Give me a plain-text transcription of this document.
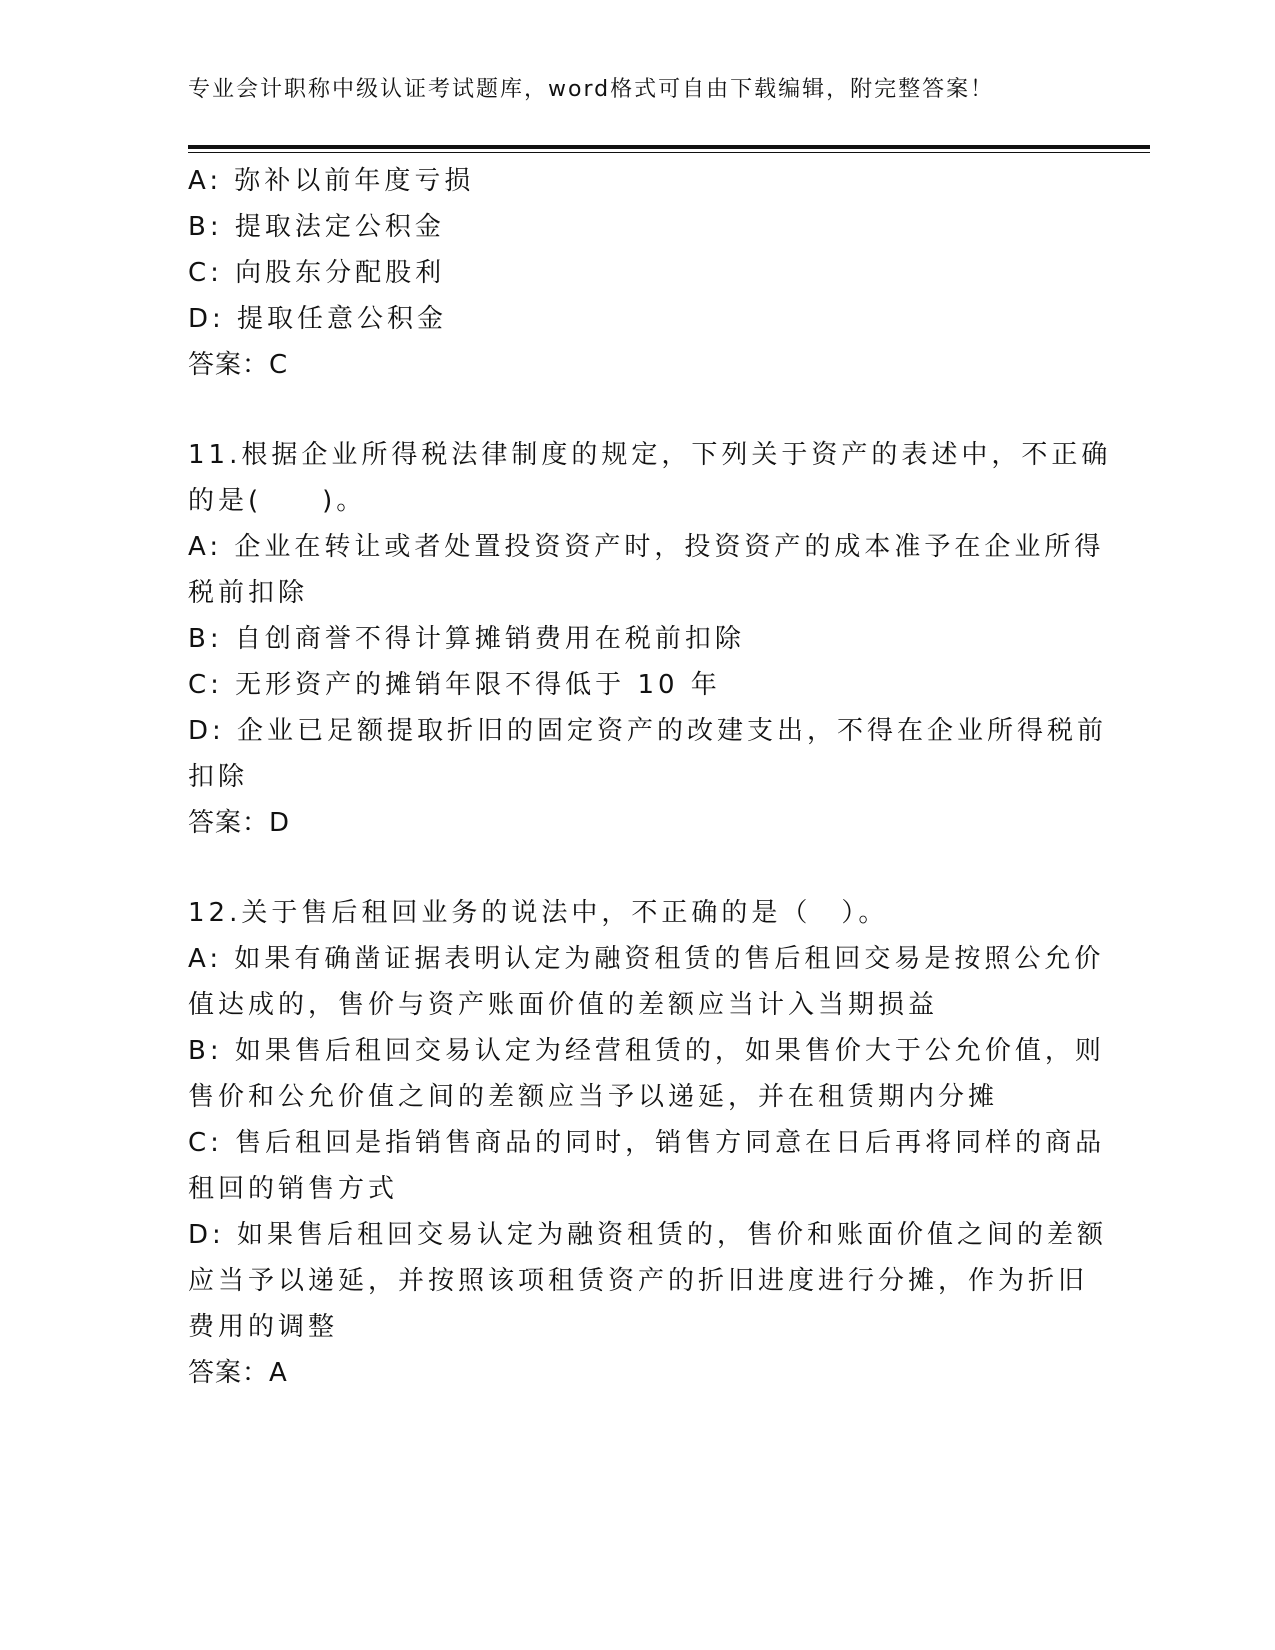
专业会计职称中级认证考试题库，word格式可自由下载编辑，附完整答案！
A: 弥补以前年度亏损
B: 提取法定公积金
C: 向股东分配股利
D: 提取任意公积金
答案：C
11.根据企业所得税法律制度的规定，下列关于资产的表述中，不正确
的是(　　)。
A: 企业在转让或者处置投资资产时，投资资产的成本准予在企业所得
税前扣除
B: 自创商誉不得计算摊销费用在税前扣除
C: 无形资产的摊销年限不得低于 10 年
D: 企业已足额提取折旧的固定资产的改建支出，不得在企业所得税前
扣除
答案：D
12.关于售后租回业务的说法中，不正确的是（　）。
A: 如果有确凿证据表明认定为融资租赁的售后租回交易是按照公允价
值达成的，售价与资产账面价值的差额应当计入当期损益
B: 如果售后租回交易认定为经营租赁的，如果售价大于公允价值，则
售价和公允价值之间的差额应当予以递延，并在租赁期内分摊
C: 售后租回是指销售商品的同时，销售方同意在日后再将同样的商品
租回的销售方式
D: 如果售后租回交易认定为融资租赁的，售价和账面价值之间的差额
应当予以递延，并按照该项租赁资产的折旧进度进行分摊，作为折旧
费用的调整
答案：A
